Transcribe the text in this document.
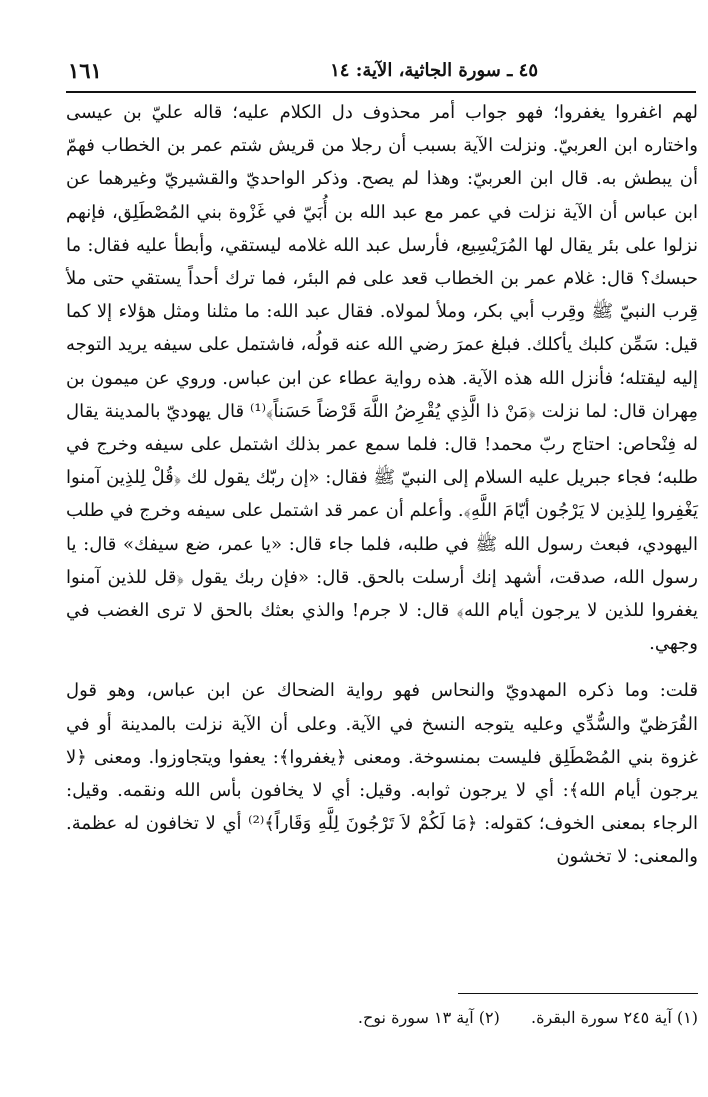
١٦١	٤٥ ـ سورة الجاثية، الآية: ١٤

لهم اغفروا يغفروا؛ فهو جواب أمر محذوف دل الكلام عليه؛ قاله عليّ بن عيسى واختاره ابن العربيّ. ونزلت الآية بسبب أن رجلا من قريش شتم عمر بن الخطاب فهمّ أن يبطش به. قال ابن العربيّ: وهذا لم يصح. وذكر الواحديّ والقشيريّ وغيرهما عن ابن عباس أن الآية نزلت في عمر مع عبد الله بن أُبَيّ في غَزْوة بني المُصْطَلِق، فإنهم نزلوا على بئر يقال لها المُرَيْسِيع، فأرسل عبد الله غلامه ليستقي، وأبطأ عليه فقال: ما حبسك؟ قال: غلام عمر بن الخطاب قعد على فم البئر، فما ترك أحداً يستقي حتى ملأ قِرب النبيّ ﷺ وقِرب أبي بكر، وملأ لمولاه. فقال عبد الله: ما مثلنا ومثل هؤلاء إلا كما قيل: سَمِّن كلبك يأكلك. فبلغ عمرَ رضي الله عنه قولُه، فاشتمل على سيفه يريد التوجه إليه ليقتله؛ فأنزل الله هذه الآية. هذه رواية عطاء عن ابن عباس. وروي عن ميمون بن مِهران قال: لما نزلت ﴿مَنْ ذا الَّذِي يُقْرِضُ اللَّهَ قَرْضاً حَسَناً﴾⁽¹⁾ قال يهوديّ بالمدينة يقال له فِنْحاص: احتاج ربّ محمد! قال: فلما سمع عمر بذلك اشتمل على سيفه وخرج في طلبه؛ فجاء جبريل عليه السلام إلى النبيّ ﷺ فقال: «إن ربّك يقول لك ﴿قُلْ لِلذِين آمنوا يَغْفِروا لِلذِين لا يَرْجُون أيّامَ اللَّهِ﴾. وأعلم أن عمر قد اشتمل على سيفه وخرج في طلب اليهودي، فبعث رسول الله ﷺ في طلبه، فلما جاء قال: «يا عمر، ضع سيفك» قال: يا رسول الله، صدقت، أشهد إنك أرسلت بالحق. قال: «فإن ربك يقول ﴿قل للذين آمنوا يغفروا للذين لا يرجون أيام الله﴾ قال: لا جرم! والذي بعثك بالحق لا ترى الغضب في وجهي.

قلت: وما ذكره المهدويّ والنحاس فهو رواية الضحاك عن ابن عباس، وهو قول القُرَظيّ والسُّدِّي وعليه يتوجه النسخ في الآية. وعلى أن الآية نزلت بالمدينة أو في غزوة بني المُصْطَلِق فليست بمنسوخة. ومعنى ﴿يغفروا﴾: يعفوا ويتجاوزوا. ومعنى ﴿لا يرجون أيام الله﴾: أي لا يرجون ثوابه. وقيل: أي لا يخافون بأس الله ونقمه. وقيل: الرجاء بمعنى الخوف؛ كقوله: ﴿مَا لَكُمْ لاَ تَرْجُونَ لِلَّهِ وَقَاراً﴾⁽²⁾ أي لا تخافون له عظمة. والمعنى: لا تخشون

(١) آية ٢٤٥ سورة البقرة. (٢) آية ١٣ سورة نوح.
